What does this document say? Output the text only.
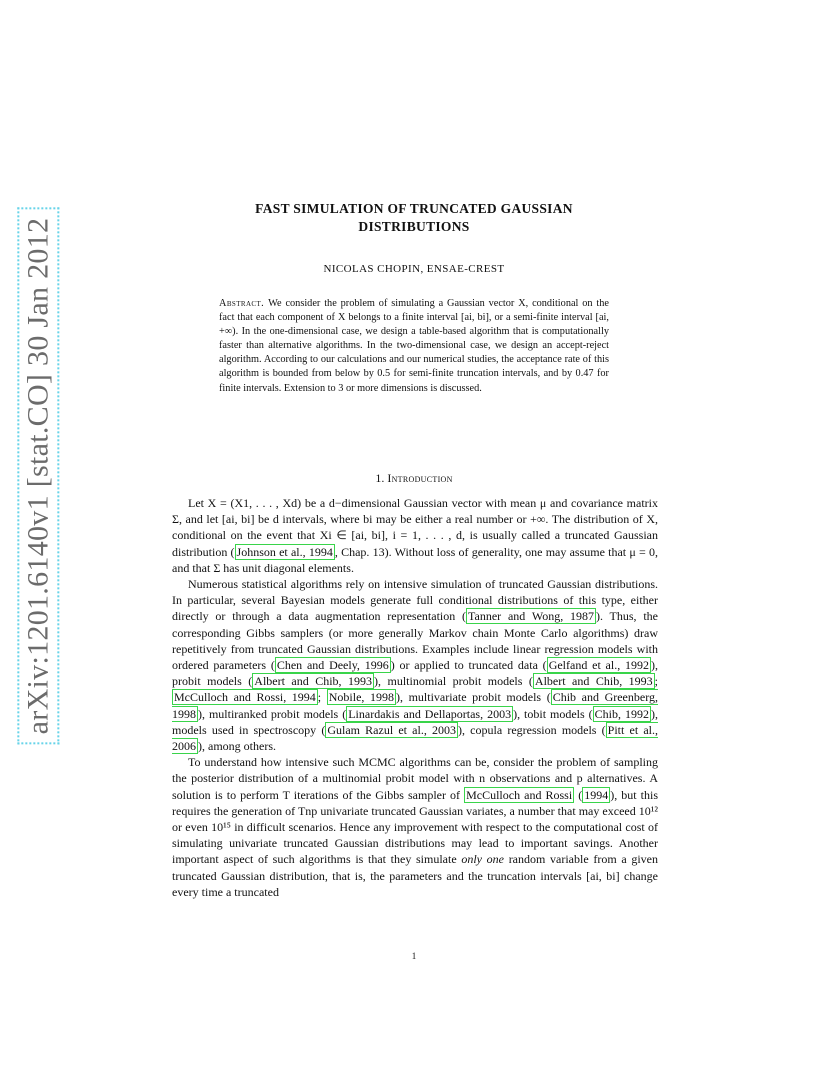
arXiv:1201.6140v1 [stat.CO] 30 Jan 2012
FAST SIMULATION OF TRUNCATED GAUSSIAN
DISTRIBUTIONS
NICOLAS CHOPIN, ENSAE-CREST
Abstract. We consider the problem of simulating a Gaussian vector X, conditional on the fact that each component of X belongs to a finite interval [ai, bi], or a semi-finite interval [ai, +∞). In the one-dimensional case, we design a table-based algorithm that is computationally faster than alternative algorithms. In the two-dimensional case, we design an accept-reject algorithm. According to our calculations and our numerical studies, the acceptance rate of this algorithm is bounded from below by 0.5 for semi-finite truncation intervals, and by 0.47 for finite intervals. Extension to 3 or more dimensions is discussed.
1. Introduction

Let X = (X1, . . . , Xd) be a d−dimensional Gaussian vector with mean μ and covariance matrix Σ, and let [ai, bi] be d intervals, where bi may be either a real number or +∞. The distribution of X, conditional on the event that Xi ∈ [ai, bi], i = 1, . . . , d, is usually called a truncated Gaussian distribution ( Johnson et al., 1994 , Chap. 13). Without loss of generality, one may assume that μ = 0, and that Σ has unit diagonal elements.

Numerous statistical algorithms rely on intensive simulation of truncated Gaussian distributions. In particular, several Bayesian models generate full conditional distributions of this type, either directly or through a data augmentation representation ( Tanner and Wong, 1987 ). Thus, the corresponding Gibbs samplers (or more generally Markov chain Monte Carlo algorithms) draw repetitively from truncated Gaussian distributions. Examples include linear regression models with ordered parameters ( Chen and Deely, 1996 ) or applied to truncated data ( Gelfand et al., 1992 ), probit models ( Albert and Chib, 1993 ), multinomial probit models ( Albert and Chib, 1993 ; McCulloch and Rossi, 1994 ; Nobile, 1998 ), multivariate probit models ( Chib and Greenberg, 1998 ), multiranked probit models ( Linardakis and Dellaportas, 2003 ), tobit models ( Chib, 1992 ), models used in spectroscopy ( Gulam Razul et al., 2003 ), copula regression models ( Pitt et al., 2006 ), among others.

To understand how intensive such MCMC algorithms can be, consider the problem of sampling the posterior distribution of a multinomial probit model with n observations and p alternatives. A solution is to perform T iterations of the Gibbs sampler of McCulloch and Rossi ( 1994 ), but this requires the generation of Tnp univariate truncated Gaussian variates, a number that may exceed 10¹² or even 10¹⁵ in difficult scenarios. Hence any improvement with respect to the computational cost of simulating univariate truncated Gaussian distributions may lead to important savings. Another important aspect of such algorithms is that they simulate only one random variable from a given truncated Gaussian distribution, that is, the parameters and the truncation intervals [ai, bi] change every time a truncated

1
